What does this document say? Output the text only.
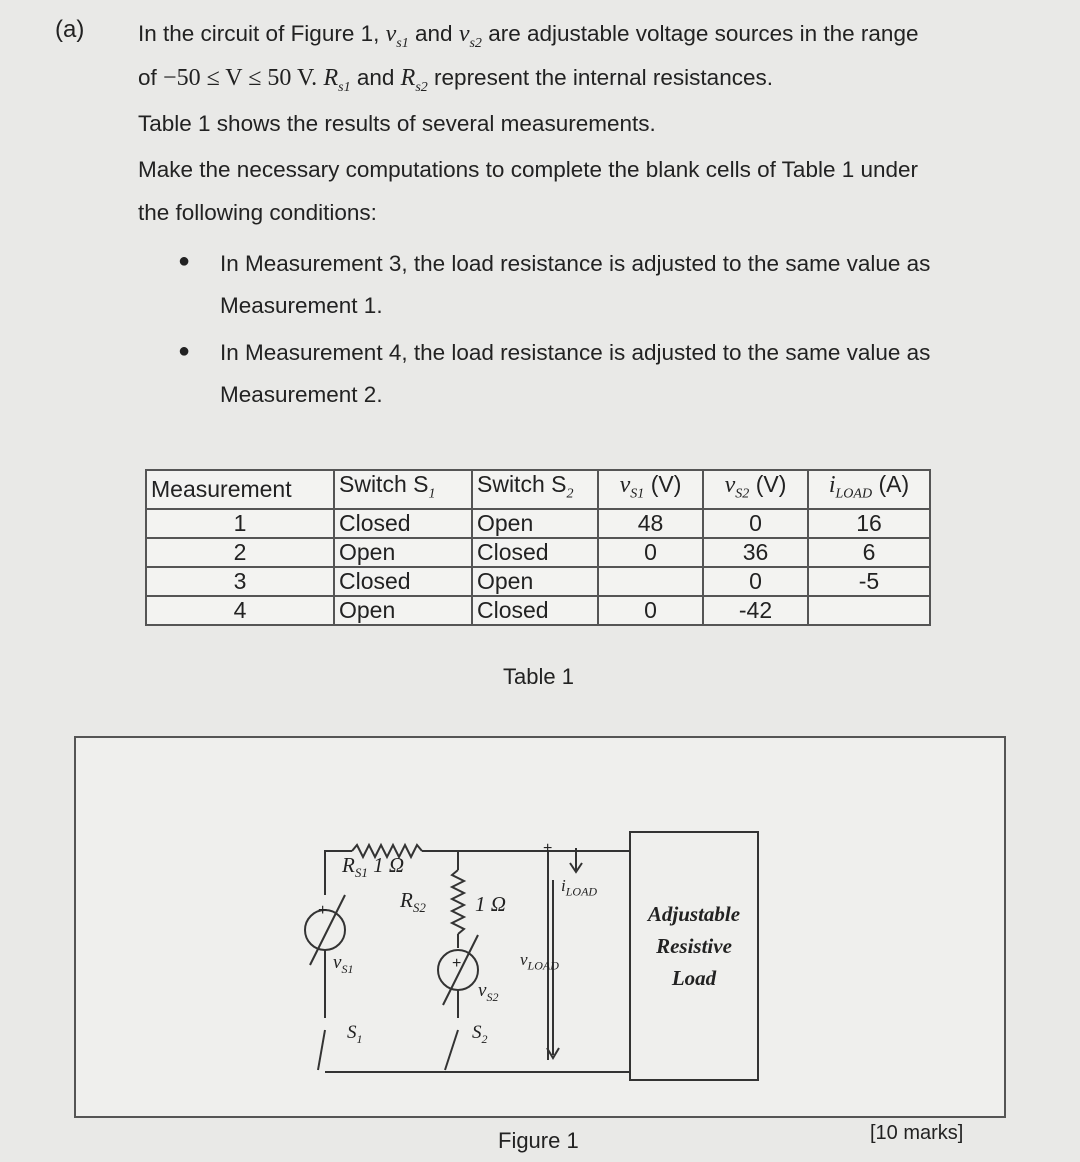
(a) In the circuit of Figure 1, $v_{s1}$ and $v_{s2}$ are adjustable voltage sources in the range
of −50 ≤ V ≤ 50 V. $R_{s1}$ and $R_{s2}$ represent the internal resistances.
Table 1 shows the results of several measurements.
Make the necessary computations to complete the blank cells of Table 1 under
the following conditions:
● In Measurement 3, the load resistance is adjusted to the same value as
Measurement 1.
● In Measurement 4, the load resistance is adjusted to the same value as
Measurement 2.
Measurement	Switch $S_1$	Switch $S_2$	$v_{S1}$ (V)	$v_{S2}$ (V)	$i_{LOAD}$ (A)
1	Closed	Open	48	0	16
2	Open	Closed	0	36	6
3	Closed	Open		0	-5
4	Open	Closed	0	-42	
Table 1
$R_{S1}$ 1 Ω
$R_{S2}$ 1 Ω
+
+
+
$v_{S1}$
$v_{S2}$
$S_1$	$S_2$
$i_{LOAD}$
$v_{LOAD}$
Adjustable
Resistive
Load
Figure 1	[10 marks]
